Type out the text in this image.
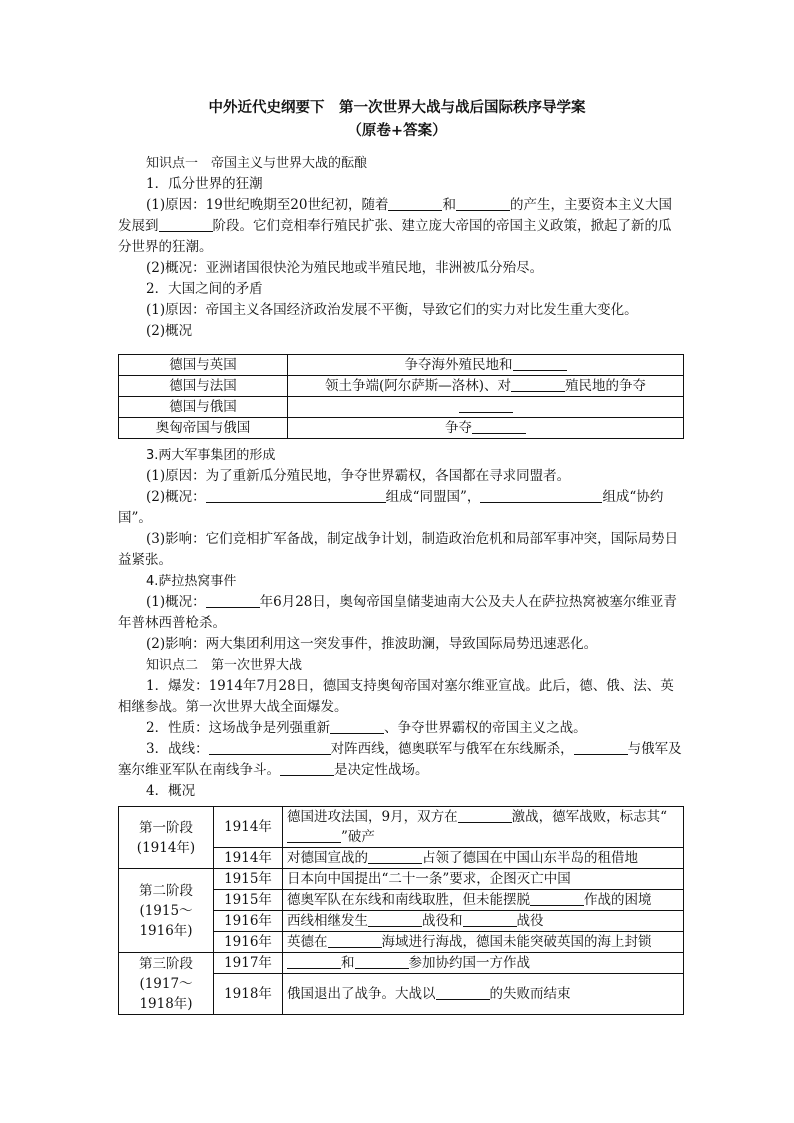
中外近代史纲要下　第一次世界大战与战后国际秩序导学案
（原卷+答案）

知识点一　帝国主义与世界大战的酝酿

1．瓜分世界的狂潮

(1)原因：19世纪晚期至20世纪初，随着	和	的产生，主要资本主义大国发展到	阶段。它们竞相奉行殖民扩张、建立庞大帝国的帝国主义政策，掀起了新的瓜分世界的狂潮。

(2)概况：亚洲诸国很快沦为殖民地或半殖民地，非洲被瓜分殆尽。

2．大国之间的矛盾

(1)原因：帝国主义各国经济政治发展不平衡，导致它们的实力对比发生重大变化。

(2)概况

德国与英国	争夺海外殖民地和
德国与法国	领土争端(阿尔萨斯—洛林)、对 殖民地的争夺
德国与俄国	
奥匈帝国与俄国	争夺

3.两大军事集团的形成

(1)原因：为了重新瓜分殖民地，争夺世界霸权，各国都在寻求同盟者。

(2)概况：	组成“同盟国”，	组成“协约国”。

(3)影响：它们竞相扩军备战，制定战争计划，制造政治危机和局部军事冲突，国际局势日益紧张。

4.萨拉热窝事件

(1)概况：	年6月28日，奥匈帝国皇储斐迪南大公及夫人在萨拉热窝被塞尔维亚青年普林西普枪杀。

(2)影响：两大集团利用这一突发事件，推波助澜，导致国际局势迅速恶化。

知识点二　第一次世界大战

1．爆发：1914年7月28日，德国支持奥匈帝国对塞尔维亚宣战。此后，德、俄、法、英相继参战。第一次世界大战全面爆发。

2．性质：这场战争是列强重新	、争夺世界霸权的帝国主义之战。

3．战线：	对阵西线，德奥联军与俄军在东线厮杀，	与俄军及塞尔维亚军队在南线争斗。	是决定性战场。

4．概况

第一阶段
(1914年)	1914年	德国进攻法国，9月，双方在 激战，德军战败，标志其“”破产
	1914年	对德国宣战的 占领了德国在中国山东半岛的租借地

第二阶段
(1915～1916年)	1915年	日本向中国提出“二十一条”要求，企图灭亡中国
	1915年	德奥军队在东线和南线取胜，但未能摆脱 作战的困境
	1916年	西线相继发生 战役和 战役
	1916年	英德在 海域进行海战，德国未能突破英国的海上封锁

第三阶段
(1917～1918年)	1917年	和 参加协约国一方作战
	1918年	俄国退出了战争。大战以 的失败而结束
